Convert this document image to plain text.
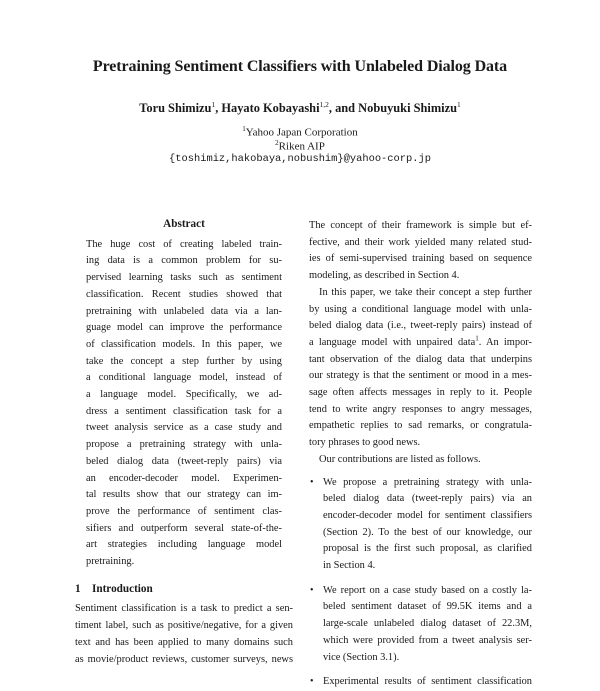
Pretraining Sentiment Classifiers with Unlabeled Dialog Data
Toru Shimizu$^1$, Hayato Kobayashi$^{1,2}$, and Nobuyuki Shimizu$^1$
$^1$Yahoo Japan Corporation
$^2$Riken AIP
{toshimiz,hakobaya,nobushim}@yahoo-corp.jp
Abstract
The huge cost of creating labeled train-
ing data is a common problem for su-
pervised learning tasks such as sentiment
classification. Recent studies showed that
pretraining with unlabeled data via a lan-
guage model can improve the performance
of classification models. In this paper, we
take the concept a step further by using
a conditional language model, instead of
a language model. Specifically, we ad-
dress a sentiment classification task for a
tweet analysis service as a case study and
propose a pretraining strategy with unla-
beled dialog data (tweet-reply pairs) via
an encoder-decoder model. Experimen-
tal results show that our strategy can im-
prove the performance of sentiment clas-
sifiers and outperform several state-of-the-
art strategies including language model
pretraining.
1 Introduction
Sentiment classification is a task to predict a sen-
timent label, such as positive/negative, for a given
text and has been applied to many domains such
as movie/product reviews, customer surveys, news
The concept of their framework is simple but ef-
fective, and their work yielded many related stud-
ies of semi-supervised training based on sequence
modeling, as described in Section 4.
In this paper, we take their concept a step further
by using a conditional language model with unla-
beled dialog data (i.e., tweet-reply pairs) instead of
a language model with unpaired data$^1$. An impor-
tant observation of the dialog data that underpins
our strategy is that the sentiment or mood in a mes-
sage often affects messages in reply to it. People
tend to write angry responses to angry messages,
empathetic replies to sad remarks, or congratula-
tory phrases to good news.
Our contributions are listed as follows.
• We propose a pretraining strategy with unla-
beled dialog data (tweet-reply pairs) via an
encoder-decoder model for sentiment classifiers
(Section 2). To the best of our knowledge, our
proposal is the first such proposal, as clarified
in Section 4.
• We report on a case study based on a costly la-
beled sentiment dataset of 99.5K items and a
large-scale unlabeled dialog dataset of 22.3M,
which were provided from a tweet analysis ser-
vice (Section 3.1).
• Experimental results of sentiment classification
